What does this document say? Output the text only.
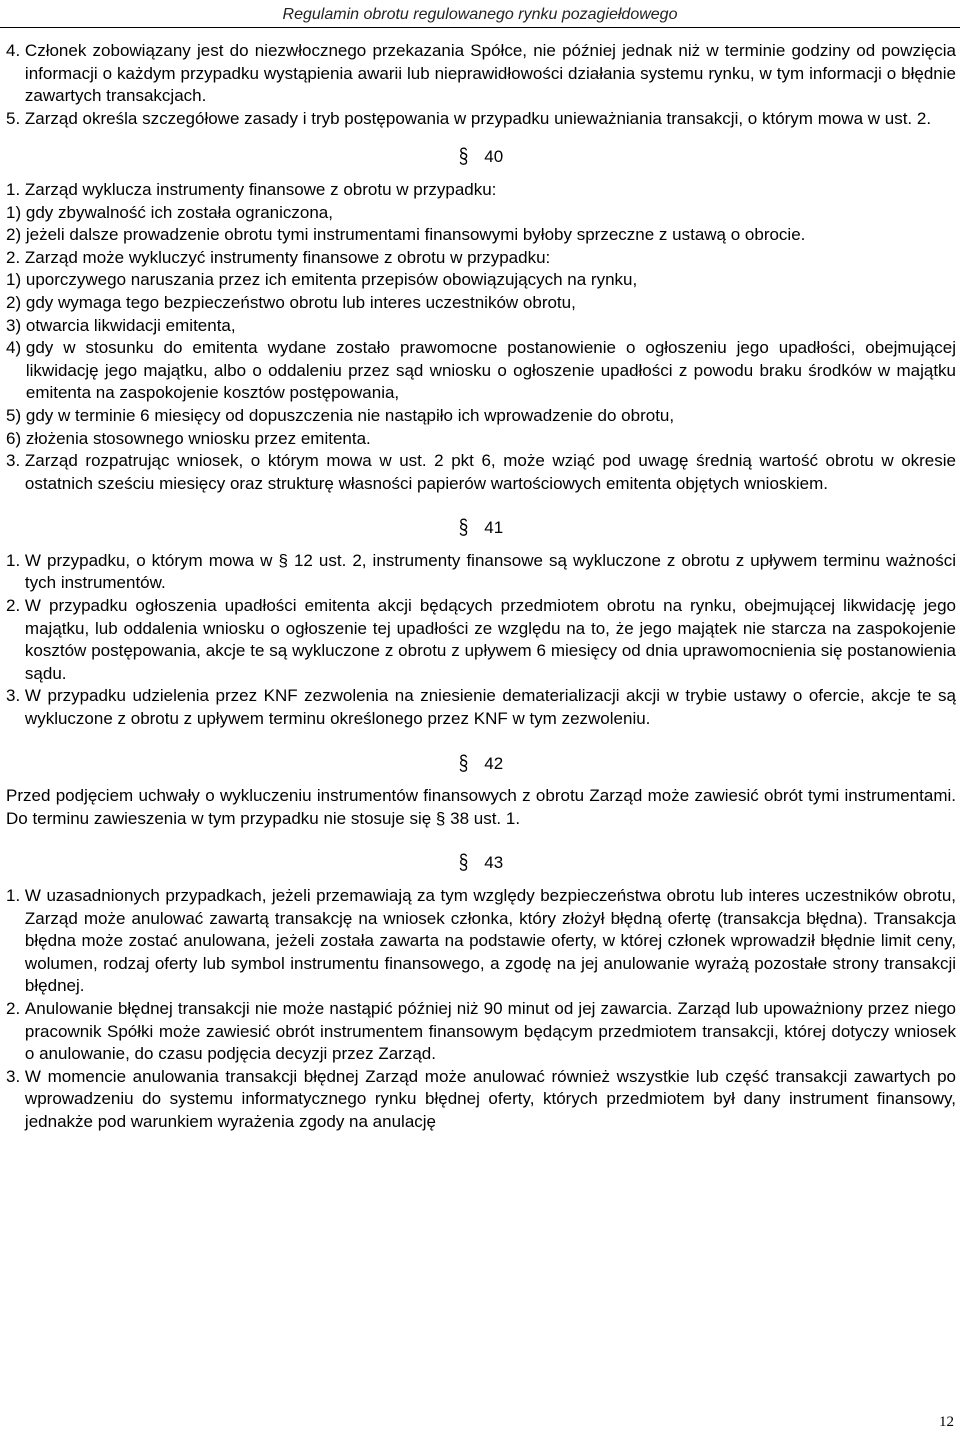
Regulamin obrotu regulowanego rynku pozagiełdowego
4.
Członek zobowiązany jest do niezwłocznego przekazania Spółce, nie później jednak niż w terminie godziny od powzięcia informacji o każdym przypadku wystąpienia awarii lub nieprawidłowości działania systemu rynku, w tym informacji o błędnie zawartych transakcjach.
5.
Zarząd określa szczegółowe zasady i tryb postępowania w przypadku unieważniania transakcji, o którym mowa w ust. 2.

§ 40

1.
Zarząd wyklucza instrumenty finansowe z obrotu w przypadku:
1)
gdy zbywalność ich została ograniczona,
2)
jeżeli dalsze prowadzenie obrotu tymi instrumentami finansowymi byłoby sprzeczne z ustawą o obrocie.
2.
Zarząd może wykluczyć instrumenty finansowe z obrotu w przypadku:
1)
uporczywego naruszania przez ich emitenta przepisów obowiązujących na rynku,
2)
gdy wymaga tego bezpieczeństwo obrotu lub interes uczestników obrotu,
3)
otwarcia likwidacji emitenta,
4)
gdy w stosunku do emitenta wydane zostało prawomocne postanowienie o ogłoszeniu jego upadłości, obejmującej likwidację jego majątku, albo o oddaleniu przez sąd wniosku o ogłoszenie upadłości z powodu braku środków w majątku emitenta na zaspokojenie kosztów postępowania,
5)
gdy w terminie 6 miesięcy od dopuszczenia nie nastąpiło ich wprowadzenie do obrotu,
6)
złożenia stosownego wniosku przez emitenta.
3.
Zarząd rozpatrując wniosek, o którym mowa w ust. 2 pkt 6, może wziąć pod uwagę średnią wartość obrotu w okresie ostatnich sześciu miesięcy oraz strukturę własności papierów wartościowych emitenta objętych wnioskiem.

§ 41

1.
W przypadku, o którym mowa w § 12 ust. 2, instrumenty finansowe są wykluczone z obrotu z upływem terminu ważności tych instrumentów.
2.
W przypadku ogłoszenia upadłości emitenta akcji będących przedmiotem obrotu na rynku, obejmującej likwidację jego majątku, lub oddalenia wniosku o ogłoszenie tej upadłości ze względu na to, że jego majątek nie starcza na zaspokojenie kosztów postępowania, akcje te są wykluczone z obrotu z upływem 6 miesięcy od dnia uprawomocnienia się postanowienia sądu.
3.
W przypadku udzielenia przez KNF zezwolenia na zniesienie dematerializacji akcji w trybie ustawy o ofercie, akcje te są wykluczone z obrotu z upływem terminu określonego przez KNF w tym zezwoleniu.

§ 42

Przed podjęciem uchwały o wykluczeniu instrumentów finansowych z obrotu Zarząd może zawiesić obrót tymi instrumentami. Do terminu zawieszenia w tym przypadku nie stosuje się § 38 ust. 1.

§ 43

1.
W uzasadnionych przypadkach, jeżeli przemawiają za tym względy bezpieczeństwa obrotu lub interes uczestników obrotu, Zarząd może anulować zawartą transakcję na wniosek członka, który złożył błędną ofertę (transakcja błędna). Transakcja błędna może zostać anulowana, jeżeli została zawarta na podstawie oferty, w której członek wprowadził błędnie limit ceny, wolumen, rodzaj oferty lub symbol instrumentu finansowego, a zgodę na jej anulowanie wyrażą pozostałe strony transakcji błędnej.
2.
Anulowanie błędnej transakcji nie może nastąpić później niż 90 minut od jej zawarcia. Zarząd lub upoważniony przez niego pracownik Spółki może zawiesić obrót instrumentem finansowym będącym przedmiotem transakcji, której dotyczy wniosek o anulowanie, do czasu podjęcia decyzji przez Zarząd.
3.
W momencie anulowania transakcji błędnej Zarząd może anulować również wszystkie lub część transakcji zawartych po wprowadzeniu do systemu informatycznego rynku błędnej oferty, których przedmiotem był dany instrument finansowy, jednakże pod warunkiem wyrażenia zgody na anulację
12
